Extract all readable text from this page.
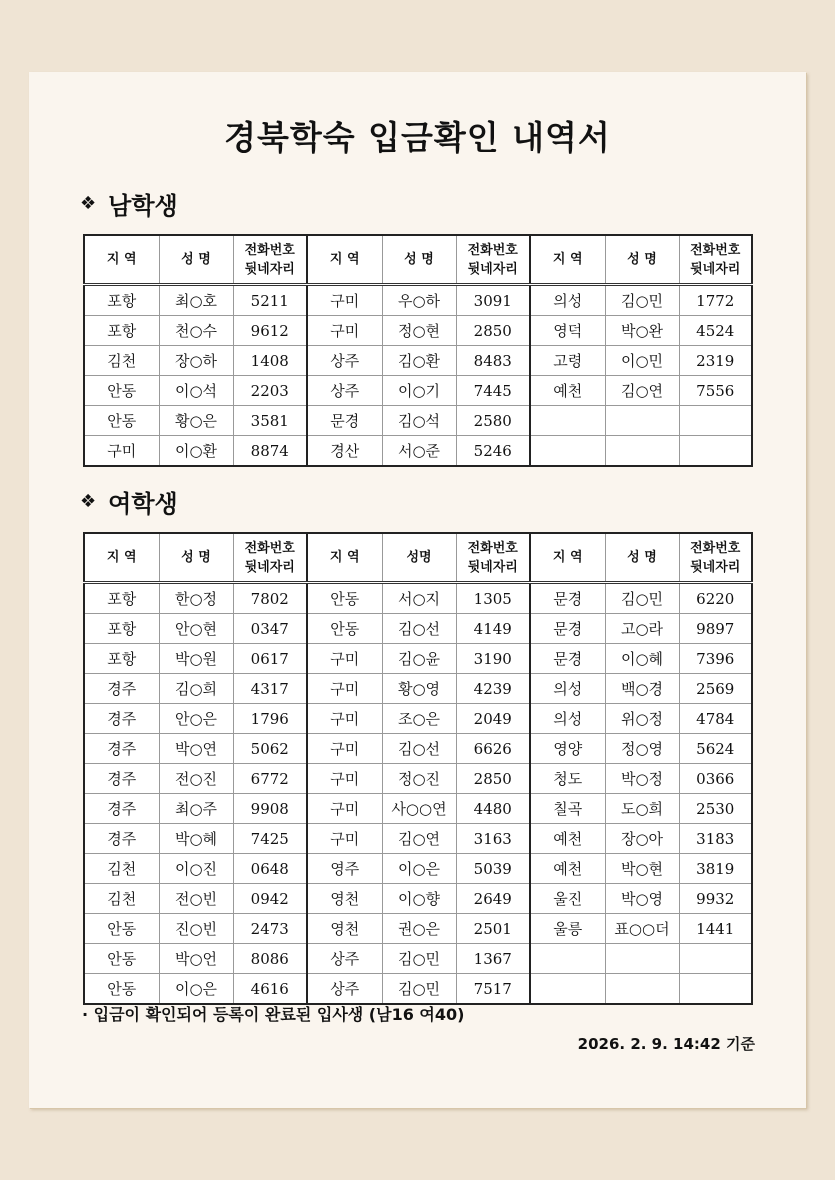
경북학숙 입금확인 내역서
❖ 남학생
지 역	성 명	전화번호
뒷네자리	지 역	성 명	전화번호
뒷네자리	지 역	성 명	전화번호
뒷네자리
포항	최○호	5211	구미	우○하	3091	의성	김○민	1772
포항	천○수	9612	구미	정○현	2850	영덕	박○완	4524
김천	장○하	1408	상주	김○환	8483	고령	이○민	2319
안동	이○석	2203	상주	이○기	7445	예천	김○연	7556
안동	황○은	3581	문경	김○석	2580			
구미	이○환	8874	경산	서○준	5246			
❖ 여학생
지 역	성 명	전화번호
뒷네자리	지 역	성명	전화번호
뒷네자리	지 역	성 명	전화번호
뒷네자리
포항	한○정	7802	안동	서○지	1305	문경	김○민	6220
포항	안○현	0347	안동	김○선	4149	문경	고○라	9897
포항	박○원	0617	구미	김○윤	3190	문경	이○혜	7396
경주	김○희	4317	구미	황○영	4239	의성	백○경	2569
경주	안○은	1796	구미	조○은	2049	의성	위○정	4784
경주	박○연	5062	구미	김○선	6626	영양	정○영	5624
경주	전○진	6772	구미	정○진	2850	청도	박○정	0366
경주	최○주	9908	구미	사○○연	4480	칠곡	도○희	2530
경주	박○혜	7425	구미	김○연	3163	예천	장○아	3183
김천	이○진	0648	영주	이○은	5039	예천	박○현	3819
김천	전○빈	0942	영천	이○향	2649	울진	박○영	9932
안동	진○빈	2473	영천	권○은	2501	울릉	표○○더	1441
안동	박○언	8086	상주	김○민	1367			
안동	이○은	4616	상주	김○민	7517			
· 입금이 확인되어 등록이 완료된 입사생 (남16 여40)
2026. 2. 9. 14:42 기준
